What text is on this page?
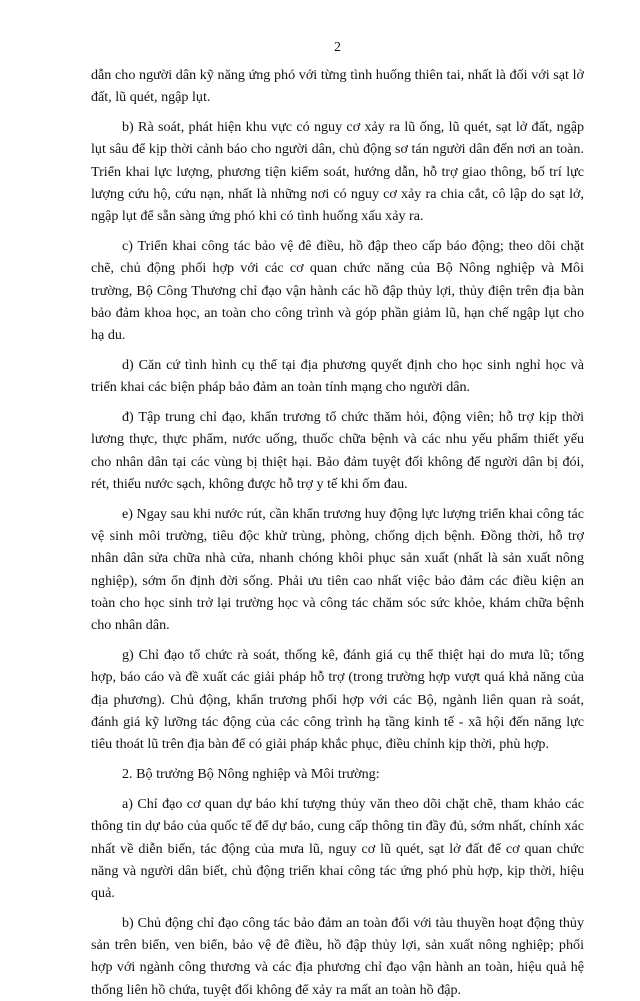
2

dẫn cho người dân kỹ năng ứng phó với từng tình huống thiên tai, nhất là đối với sạt lở đất, lũ quét, ngập lụt.

b) Rà soát, phát hiện khu vực có nguy cơ xảy ra lũ ống, lũ quét, sạt lở đất, ngập lụt sâu để kịp thời cảnh báo cho người dân, chủ động sơ tán người dân đến nơi an toàn. Triển khai lực lượng, phương tiện kiểm soát, hướng dẫn, hỗ trợ giao thông, bố trí lực lượng cứu hộ, cứu nạn, nhất là những nơi có nguy cơ xảy ra chia cắt, cô lập do sạt lở, ngập lụt để sẵn sàng ứng phó khi có tình huống xấu xảy ra.

c) Triển khai công tác bảo vệ đê điều, hồ đập theo cấp báo động; theo dõi chặt chẽ, chủ động phối hợp với các cơ quan chức năng của Bộ Nông nghiệp và Môi trường, Bộ Công Thương chỉ đạo vận hành các hồ đập thủy lợi, thủy điện trên địa bàn bảo đảm khoa học, an toàn cho công trình và góp phần giảm lũ, hạn chế ngập lụt cho hạ du.

d) Căn cứ tình hình cụ thể tại địa phương quyết định cho học sinh nghỉ học và triển khai các biện pháp bảo đảm an toàn tính mạng cho người dân.

đ) Tập trung chỉ đạo, khẩn trương tổ chức thăm hỏi, động viên; hỗ trợ kịp thời lương thực, thực phẩm, nước uống, thuốc chữa bệnh và các nhu yếu phẩm thiết yếu cho nhân dân tại các vùng bị thiệt hại. Bảo đảm tuyệt đối không để người dân bị đói, rét, thiếu nước sạch, không được hỗ trợ y tế khi ốm đau.

e) Ngay sau khi nước rút, cần khẩn trương huy động lực lượng triển khai công tác vệ sinh môi trường, tiêu độc khử trùng, phòng, chống dịch bệnh. Đồng thời, hỗ trợ nhân dân sửa chữa nhà cửa, nhanh chóng khôi phục sản xuất (nhất là sản xuất nông nghiệp), sớm ổn định đời sống. Phải ưu tiên cao nhất việc bảo đảm các điều kiện an toàn cho học sinh trở lại trường học và công tác chăm sóc sức khỏe, khám chữa bệnh cho nhân dân.

g) Chỉ đạo tổ chức rà soát, thống kê, đánh giá cụ thể thiệt hại do mưa lũ; tổng hợp, báo cáo và đề xuất các giải pháp hỗ trợ (trong trường hợp vượt quá khả năng của địa phương). Chủ động, khẩn trương phối hợp với các Bộ, ngành liên quan rà soát, đánh giá kỹ lưỡng tác động của các công trình hạ tầng kinh tế - xã hội đến năng lực tiêu thoát lũ trên địa bàn để có giải pháp khắc phục, điều chỉnh kịp thời, phù hợp.

2. Bộ trưởng Bộ Nông nghiệp và Môi trường:

a) Chỉ đạo cơ quan dự báo khí tượng thủy văn theo dõi chặt chẽ, tham khảo các thông tin dự báo của quốc tế để dự báo, cung cấp thông tin đầy đủ, sớm nhất, chính xác nhất về diễn biến, tác động của mưa lũ, nguy cơ lũ quét, sạt lở đất để cơ quan chức năng và người dân biết, chủ động triển khai công tác ứng phó phù hợp, kịp thời, hiệu quả.

b) Chủ động chỉ đạo công tác bảo đảm an toàn đối với tàu thuyền hoạt động thủy sản trên biển, ven biển, bảo vệ đê điều, hồ đập thủy lợi, sản xuất nông nghiệp; phối hợp với ngành công thương và các địa phương chỉ đạo vận hành an toàn, hiệu quả hệ thống liên hồ chứa, tuyệt đối không để xảy ra mất an toàn hồ đập.
